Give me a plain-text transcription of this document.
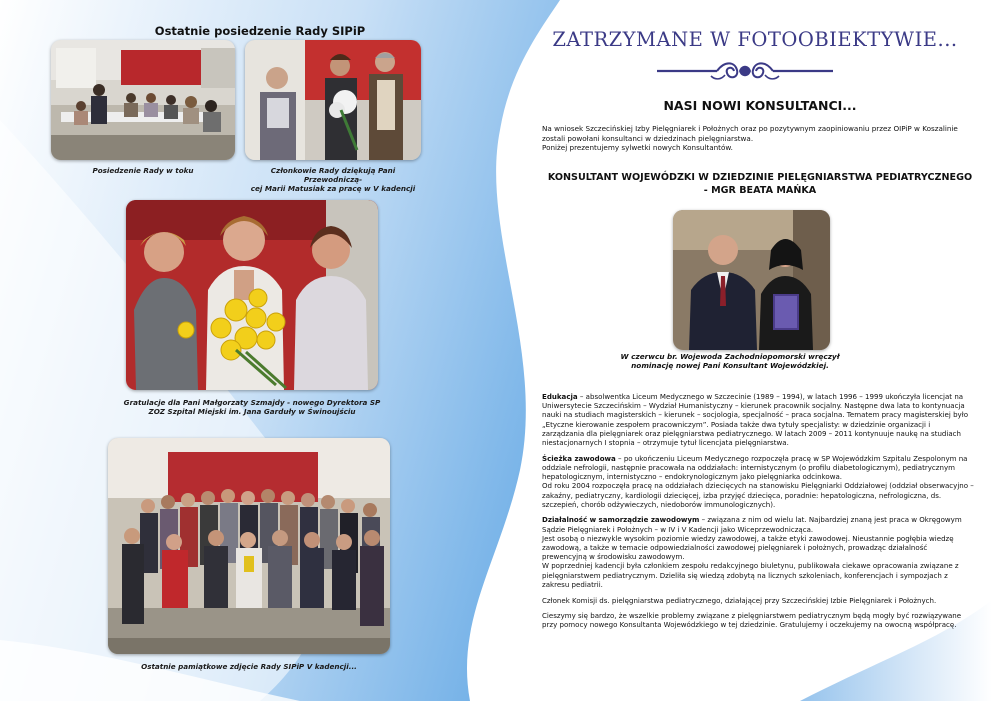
Ostatnie posiedzenie Rady SIPiP
Posiedzenie Rady w toku	Członkowie Rady dziękują Pani Przewodniczą-
cej Marii Matusiak za pracę w V kadencji
Gratulacje dla Pani Małgorzaty Szmajdy - nowego Dyrektora SP
ZOZ Szpital Miejski im. Jana Garduły w Świnoujściu
Ostatnie pamiątkowe zdjęcie Rady SIPiP V kadencji...
ZATRZYMANE W FOTOOBIEKTYWIE...
NASI NOWI KONSULTANCI...
Na wniosek Szczecińskiej Izby Pielęgniarek i Położnych oraz po pozytywnym zaopiniowaniu przez OIPiP w Koszalinie
zostali powołani konsultanci w dziedzinach pielęgniarstwa.
Poniżej prezentujemy sylwetki nowych Konsultantów.
KONSULTANT WOJEWÓDZKI W DZIEDZINIE PIELĘGNIARSTWA PEDIATRYCZNEGO
- MGR BEATA MAŃKA
W czerwcu br. Wojewoda Zachodniopomorski wręczył
nominację nowej Pani Konsultant Wojewódzkiej.

Edukacja – absolwentka Liceum Medycznego w Szczecinie (1989 – 1994), w latach 1996 – 1999 ukończyła licencjat na Uniwersytecie Szczecińskim – Wydział Humanistyczny – kierunek pracownik socjalny. Następne dwa lata to kontynuacja nauki na studiach magisterskich – kierunek – socjologia, specjalność – praca socjalna. Tematem pracy magisterskiej było „Etyczne kierowanie zespołem pracowniczym”. Posiada także dwa tytuły specjalisty: w dziedzinie organizacji i zarządzania dla pielęgniarek oraz pielęgniarstwa pediatrycznego. W latach 2009 – 2011 kontynuuje naukę na studiach niestacjonarnych I stopnia – otrzymuje tytuł licencjata pielęgniarstwa.

Ścieżka zawodowa – po ukończeniu Liceum Medycznego rozpoczęła pracę w SP Wojewódzkim Szpitalu Zespolonym na oddziale nefrologii, następnie pracowała na oddziałach: internistycznym (o profilu diabetologicznym), pediatrycznym hepatologicznym, internistyczno – endokrynologicznym jako pielęgniarka odcinkowa.
Od roku 2004 rozpoczęła pracę na oddziałach dziecięcych na stanowisku Pielęgniarki Oddziałowej (oddział obserwacyjno – zakaźny, pediatryczny, kardiologii dziecięcej, izba przyjęć dziecięca, poradnie: hepatologiczna, nefrologiczna, ds. szczepień, chorób odżywieczych, niedoborów immunologicznych).

Działalność w samorządzie zawodowym – związana z nim od wielu lat. Najbardziej znaną jest praca w Okręgowym Sądzie Pielęgniarek i Położnych – w IV i V Kadencji jako Wiceprzewodnicząca.
Jest osobą o niezwykle wysokim poziomie wiedzy zawodowej, a także etyki zawodowej. Nieustannie pogłębia wiedzę zawodową, a także w temacie odpowiedzialności zawodowej pielęgniarek i położnych, prowadząc działalność prewencyjną w środowisku zawodowym.
W poprzedniej kadencji była członkiem zespołu redakcyjnego biuletynu, publikowała ciekawe opracowania związane z pielęgniarstwem pediatrycznym. Dzieliła się wiedzą zdobytą na licznych szkoleniach, konferencjach i sympozjach z zakresu pediatrii.

Członek Komisji ds. pielęgniarstwa pediatrycznego, działającej przy Szczecińskiej Izbie Pielęgniarek i Położnych.

Cieszymy się bardzo, że wszelkie problemy związane z pielęgniarstwem pediatrycznym będą mogły być rozwiązywane przy pomocy nowego Konsultanta Wojewódzkiego w tej dziedzinie. Gratulujemy i oczekujemy na owocną współpracę.
